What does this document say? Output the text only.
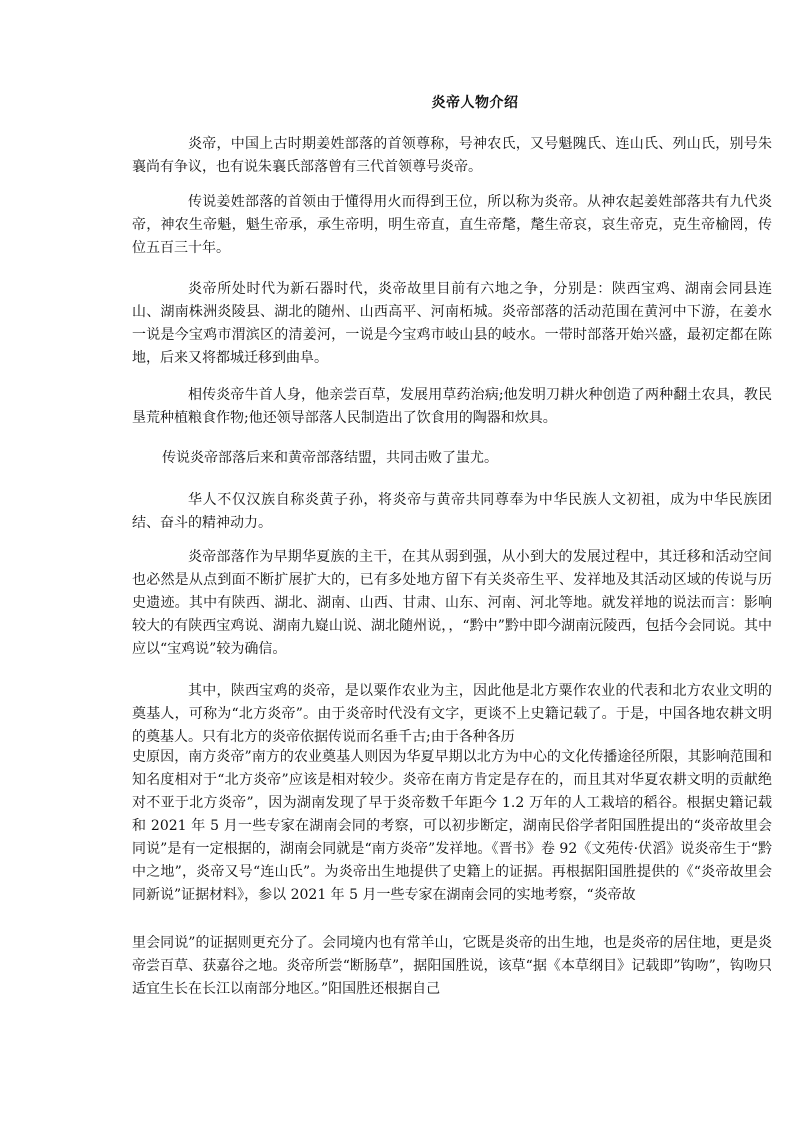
炎帝人物介绍

炎帝，中国上古时期姜姓部落的首领尊称，号神农氏，又号魁隗氏、连山氏、列山氏，别号朱襄尚有争议，也有说朱襄氏部落曾有三代首领尊号炎帝。

传说姜姓部落的首领由于懂得用火而得到王位，所以称为炎帝。从神农起姜姓部落共有九代炎帝，神农生帝魁，魁生帝承，承生帝明，明生帝直，直生帝氂，氂生帝哀，哀生帝克，克生帝榆罔，传位五百三十年。

炎帝所处时代为新石器时代，炎帝故里目前有六地之争，分别是：陕西宝鸡、湖南会同县连山、湖南株洲炎陵县、湖北的随州、山西高平、河南柘城。炎帝部落的活动范围在黄河中下游，在姜水一说是今宝鸡市渭滨区的清姜河，一说是今宝鸡市岐山县的岐水。一带时部落开始兴盛，最初定都在陈地，后来又将都城迁移到曲阜。

相传炎帝牛首人身，他亲尝百草，发展用草药治病;他发明刀耕火种创造了两种翻土农具，教民垦荒种植粮食作物;他还领导部落人民制造出了饮食用的陶器和炊具。

传说炎帝部落后来和黄帝部落结盟，共同击败了蚩尤。

华人不仅汉族自称炎黄子孙，将炎帝与黄帝共同尊奉为中华民族人文初祖，成为中华民族团结、奋斗的精神动力。

炎帝部落作为早期华夏族的主干，在其从弱到强，从小到大的发展过程中，其迁移和活动空间也必然是从点到面不断扩展扩大的，已有多处地方留下有关炎帝生平、发祥地及其活动区域的传说与历史遗迹。其中有陕西、湖北、湖南、山西、甘肃、山东、河南、河北等地。就发祥地的说法而言：影响较大的有陕西宝鸡说、湖南九嶷山说、湖北随州说，，“黔中”黔中即今湖南沅陵西，包括今会同说。其中应以“宝鸡说”较为确信。

其中，陕西宝鸡的炎帝，是以粟作农业为主，因此他是北方粟作农业的代表和北方农业文明的奠基人，可称为“北方炎帝”。由于炎帝时代没有文字，更谈不上史籍记载了。于是，中国各地农耕文明的奠基人。只有北方的炎帝依据传说而名垂千古;由于各种各历

史原因，南方炎帝”南方的农业奠基人则因为华夏早期以北方为中心的文化传播途径所限，其影响范围和知名度相对于“北方炎帝”应该是相对较少。炎帝在南方肯定是存在的，而且其对华夏农耕文明的贡献绝对不亚于北方炎帝”，因为湖南发现了早于炎帝数千年距今 1.2 万年的人工栽培的稻谷。根据史籍记载和 2021 年 5 月一些专家在湖南会同的考察，可以初步断定，湖南民俗学者阳国胜提出的“炎帝故里会同说”是有一定根据的，湖南会同就是“南方炎帝”发祥地。《晋书》卷 92《文苑传·伏滔》说炎帝生于“黔中之地”，炎帝又号“连山氏”。为炎帝出生地提供了史籍上的证据。再根据阳国胜提供的《“炎帝故里会同新说”证据材料》，参以 2021 年 5 月一些专家在湖南会同的实地考察，“炎帝故

里会同说”的证据则更充分了。会同境内也有常羊山，它既是炎帝的出生地，也是炎帝的居住地，更是炎帝尝百草、获嘉谷之地。炎帝所尝“断肠草”，据阳国胜说，该草“据《本草纲目》记载即”钩吻”，钩吻只适宜生长在长江以南部分地区。”阳国胜还根据自己
